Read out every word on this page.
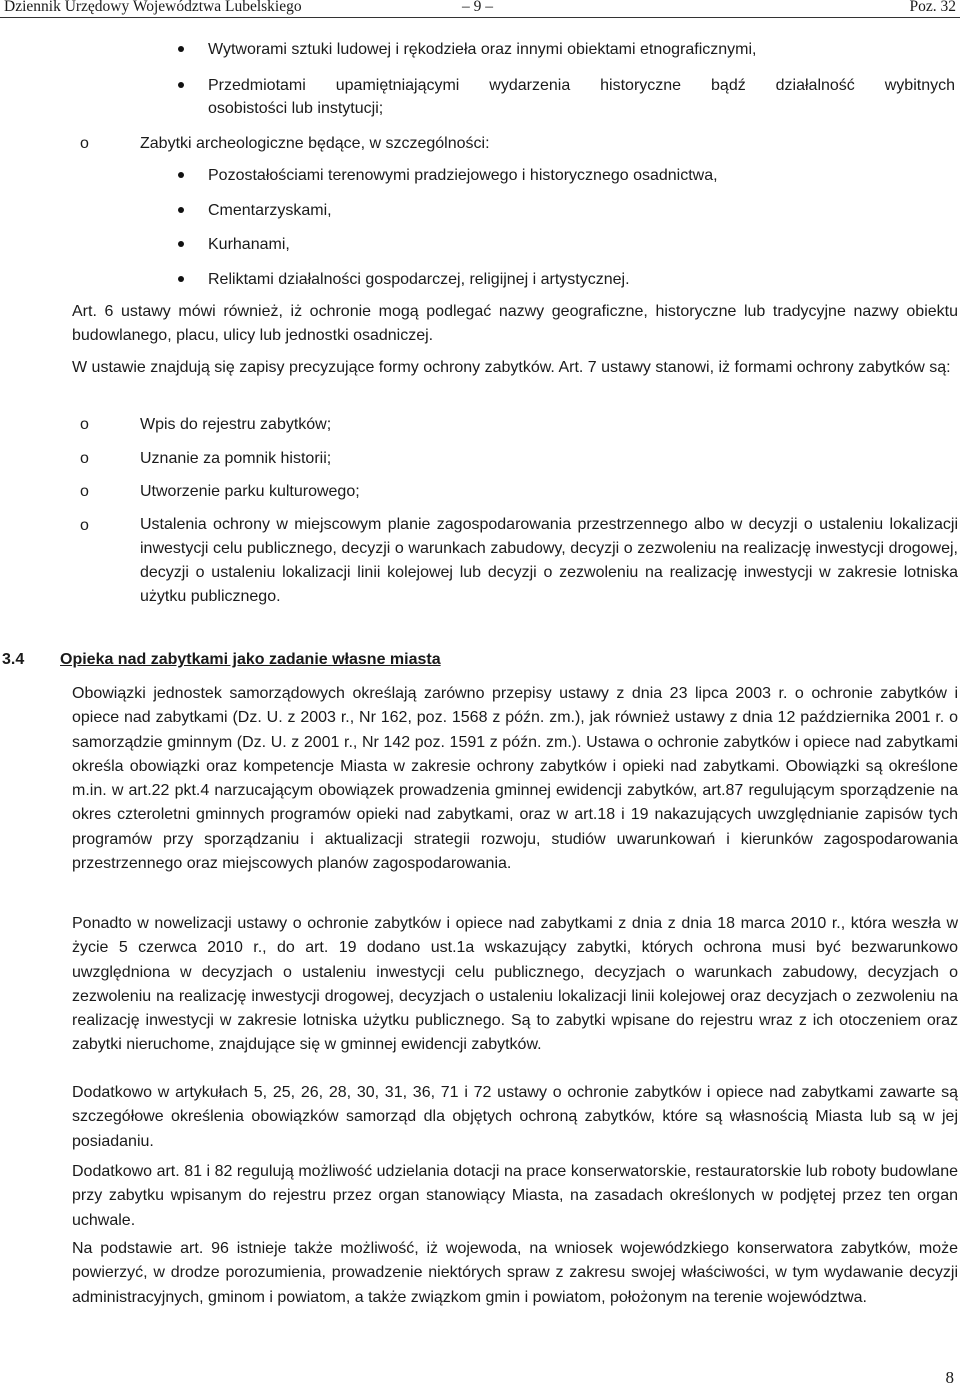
Dziennik Urzędowy Województwa Lubelskiego	– 9 –	Poz. 32
Wytworami sztuki ludowej i rękodzieła oraz innymi obiektami etnograficznymi,
Przedmiotami upamiętniającymi wydarzenia historyczne bądź działalność wybitnych
osobistości lub instytucji;
o	Zabytki archeologiczne będące, w szczególności:
Pozostałościami terenowymi pradziejowego i historycznego osadnictwa,
Cmentarzyskami,
Kurhanami,
Reliktami działalności gospodarczej, religijnej i artystycznej.
Art. 6 ustawy mówi również, iż ochronie mogą podlegać nazwy geograficzne, historyczne lub tradycyjne nazwy obiektu budowlanego, placu, ulicy lub jednostki osadniczej.
W ustawie znajdują się zapisy precyzujące formy ochrony zabytków. Art. 7 ustawy stanowi, iż formami ochrony zabytków są:
o	Wpis do rejestru zabytków;
o	Uznanie za pomnik historii;
o	Utworzenie parku kulturowego;
o	Ustalenia ochrony w miejscowym planie zagospodarowania przestrzennego albo w decyzji o ustaleniu lokalizacji inwestycji celu publicznego, decyzji o warunkach zabudowy, decyzji o zezwoleniu na realizację inwestycji drogowej, decyzji o ustaleniu lokalizacji linii kolejowej lub decyzji o zezwoleniu na realizację inwestycji w zakresie lotniska użytku publicznego.
3.4 Opieka nad zabytkami jako zadanie własne miasta
Obowiązki jednostek samorządowych określają zarówno przepisy ustawy z dnia 23 lipca 2003 r. o ochronie zabytków i opiece nad zabytkami (Dz. U. z 2003 r., Nr 162, poz. 1568 z późn. zm.), jak również ustawy z dnia 12 października 2001 r. o samorządzie gminnym (Dz. U. z 2001 r., Nr 142 poz. 1591 z późn. zm.). Ustawa o ochronie zabytków i opiece nad zabytkami określa obowiązki oraz kompetencje Miasta w zakresie ochrony zabytków i opieki nad zabytkami. Obowiązki są określone m.in. w art.22 pkt.4 narzucającym obowiązek prowadzenia gminnej ewidencji zabytków, art.87 regulującym sporządzenie na okres czteroletni gminnych programów opieki nad zabytkami, oraz w art.18 i 19 nakazujących uwzględnianie zapisów tych programów przy sporządzaniu i aktualizacji strategii rozwoju, studiów uwarunkowań i kierunków zagospodarowania przestrzennego oraz miejscowych planów zagospodarowania.
Ponadto w nowelizacji ustawy o ochronie zabytków i opiece nad zabytkami z dnia z dnia 18 marca 2010 r., która weszła w życie 5 czerwca 2010 r., do art. 19 dodano ust.1a wskazujący zabytki, których ochrona musi być bezwarunkowo uwzględniona w decyzjach o ustaleniu inwestycji celu publicznego, decyzjach o warunkach zabudowy, decyzjach o zezwoleniu na realizację inwestycji drogowej, decyzjach o ustaleniu lokalizacji linii kolejowej oraz decyzjach o zezwoleniu na realizację inwestycji w zakresie lotniska użytku publicznego. Są to zabytki wpisane do rejestru wraz z ich otoczeniem oraz zabytki nieruchome, znajdujące się w gminnej ewidencji zabytków.
Dodatkowo w artykułach 5, 25, 26, 28, 30, 31, 36, 71 i 72 ustawy o ochronie zabytków i opiece nad zabytkami zawarte są szczegółowe określenia obowiązków samorząd dla objętych ochroną zabytków, które są własnością Miasta lub są w jej posiadaniu.
Dodatkowo art. 81 i 82 regulują możliwość udzielania dotacji na prace konserwatorskie, restauratorskie lub roboty budowlane przy zabytku wpisanym do rejestru przez organ stanowiący Miasta, na zasadach określonych w podjętej przez ten organ uchwale.
Na podstawie art. 96 istnieje także możliwość, iż wojewoda, na wniosek wojewódzkiego konserwatora zabytków, może powierzyć, w drodze porozumienia, prowadzenie niektórych spraw z zakresu swojej właściwości, w tym wydawanie decyzji administracyjnych, gminom i powiatom, a także związkom gmin i powiatom, położonym na terenie województwa.
8
